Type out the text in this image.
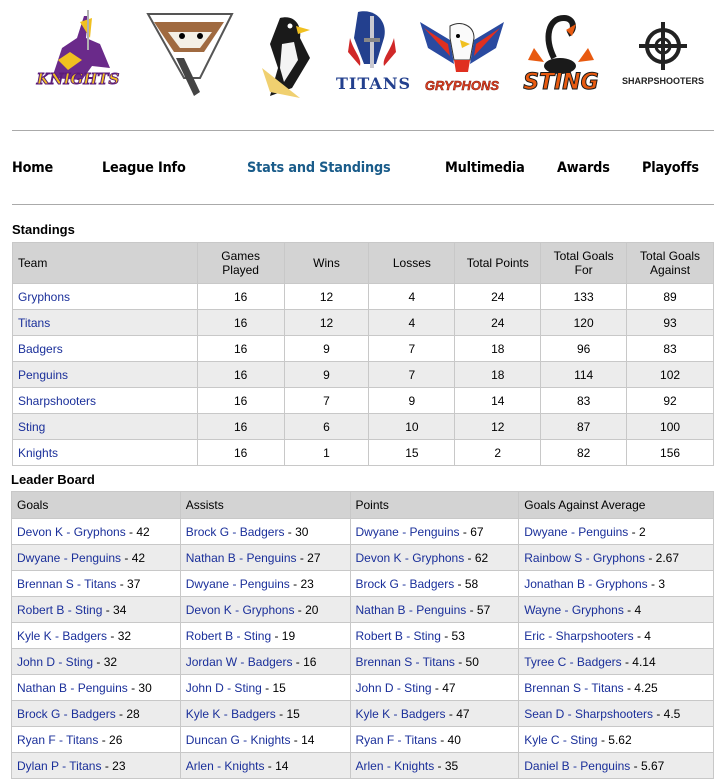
KNIGHTS	TITANS	GRYPHONS	STING	SHARPSHOOTERS
Home	League Info	Stats and Standings	Multimedia Awards Playoffs
Standings
Team	Games Played	Wins	Losses	Total Points	Total Goals For	Total Goals Against
Gryphons	16	12	4	24	133	89
Titans	16	12	4	24	120	93
Badgers	16	9	7	18	96	83
Penguins	16	9	7	18	114	102
Sharpshooters	16	7	9	14	83	92
Sting	16	6	10	12	87	100
Knights	16	1	15	2	82	156
Leader Board
Goals	Assists	Points	Goals Against Average
Devon K - Gryphons - 42	Brock G - Badgers - 30	Dwyane - Penguins - 67	Dwyane - Penguins - 2
Dwyane - Penguins - 42	Nathan B - Penguins - 27	Devon K - Gryphons - 62	Rainbow S - Gryphons - 2.67
Brennan S - Titans - 37	Dwyane - Penguins - 23	Brock G - Badgers - 58	Jonathan B - Gryphons - 3
Robert B - Sting - 34	Devon K - Gryphons - 20	Nathan B - Penguins - 57	Wayne - Gryphons - 4
Kyle K - Badgers - 32	Robert B - Sting - 19	Robert B - Sting - 53	Eric - Sharpshooters - 4
John D - Sting - 32	Jordan W - Badgers - 16	Brennan S - Titans - 50	Tyree C - Badgers - 4.14
Nathan B - Penguins - 30	John D - Sting - 15	John D - Sting - 47	Brennan S - Titans - 4.25
Brock G - Badgers - 28	Kyle K - Badgers - 15	Kyle K - Badgers - 47	Sean D - Sharpshooters - 4.5
Ryan F - Titans - 26	Duncan G - Knights - 14	Ryan F - Titans - 40	Kyle C - Sting - 5.62
Dylan P - Titans - 23	Arlen - Knights - 14	Arlen - Knights - 35	Daniel B - Penguins - 5.67
